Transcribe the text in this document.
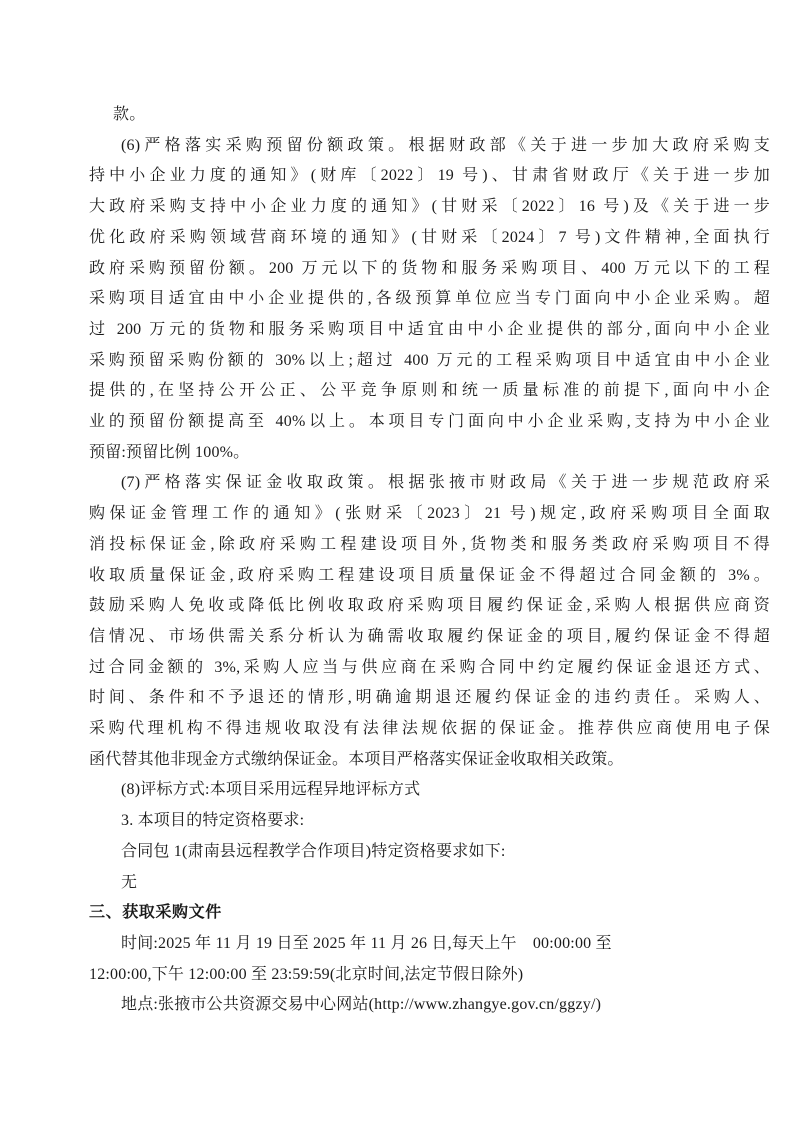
款。
(6)严格落实采购预留份额政策。根据财政部《关于进一步加大政府采购支
持中小企业力度的通知》(财库〔2022〕19 号)、甘肃省财政厅《关于进一步加
大政府采购支持中小企业力度的通知》(甘财采〔2022〕16 号)及《关于进一步
优化政府采购领域营商环境的通知》(甘财采〔2024〕7 号)文件精神,全面执行
政府采购预留份额。200 万元以下的货物和服务采购项目、400 万元以下的工程
采购项目适宜由中小企业提供的,各级预算单位应当专门面向中小企业采购。超
过 200 万元的货物和服务采购项目中适宜由中小企业提供的部分,面向中小企业
采购预留采购份额的 30%以上;超过 400 万元的工程采购项目中适宜由中小企业
提供的,在坚持公开公正、公平竞争原则和统一质量标准的前提下,面向中小企
业的预留份额提高至 40%以上。本项目专门面向中小企业采购,支持为中小企业
预留:预留比例 100%。
(7)严格落实保证金收取政策。根据张掖市财政局《关于进一步规范政府采
购保证金管理工作的通知》(张财采〔2023〕21 号)规定,政府采购项目全面取
消投标保证金,除政府采购工程建设项目外,货物类和服务类政府采购项目不得
收取质量保证金,政府采购工程建设项目质量保证金不得超过合同金额的 3%。
鼓励采购人免收或降低比例收取政府采购项目履约保证金,采购人根据供应商资
信情况、市场供需关系分析认为确需收取履约保证金的项目,履约保证金不得超
过合同金额的 3%,采购人应当与供应商在采购合同中约定履约保证金退还方式、
时间、条件和不予退还的情形,明确逾期退还履约保证金的违约责任。采购人、
采购代理机构不得违规收取没有法律法规依据的保证金。推荐供应商使用电子保
函代替其他非现金方式缴纳保证金。本项目严格落实保证金收取相关政策。
(8)评标方式:本项目采用远程异地评标方式
3. 本项目的特定资格要求:
合同包 1(肃南县远程教学合作项目)特定资格要求如下:
无
三、获取采购文件
时间:2025 年 11 月 19 日至 2025 年 11 月 26 日,每天上午　00:00:00 至
12:00:00,下午 12:00:00 至 23:59:59(北京时间,法定节假日除外)
地点:张掖市公共资源交易中心网站(http://www.zhangye.gov.cn/ggzy/)
